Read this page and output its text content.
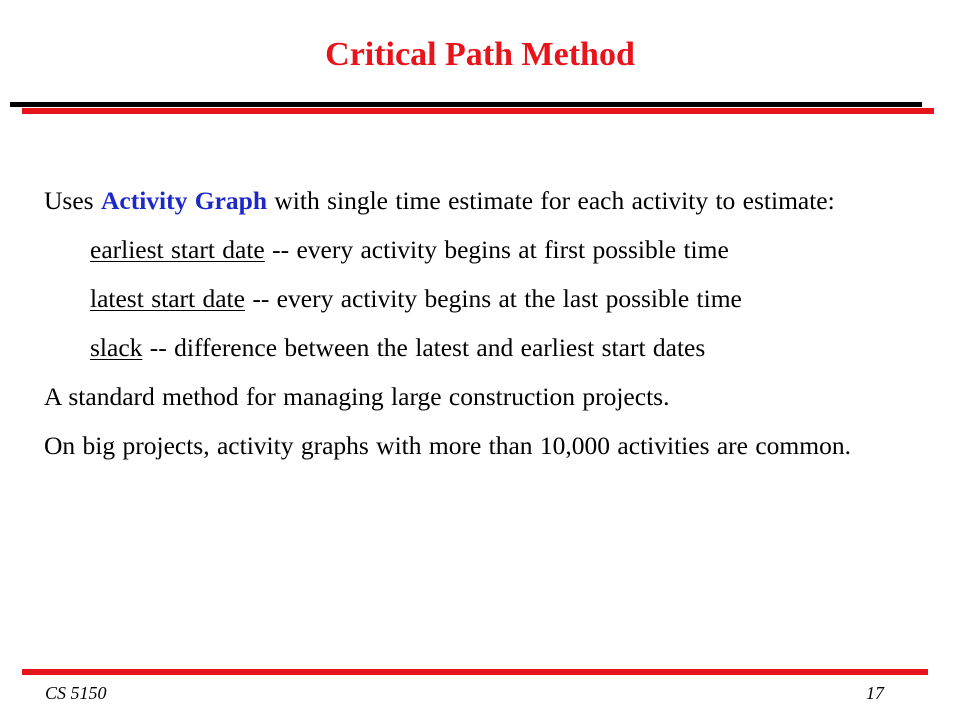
Critical Path Method

Uses Activity Graph with single time estimate for each activity to estimate:

earliest start date -- every activity begins at first possible time

latest start date -- every activity begins at the last possible time

slack -- difference between the latest and earliest start dates

A standard method for managing large construction projects.

On big projects, activity graphs with more than 10,000 activities are common.

CS 5150	17
